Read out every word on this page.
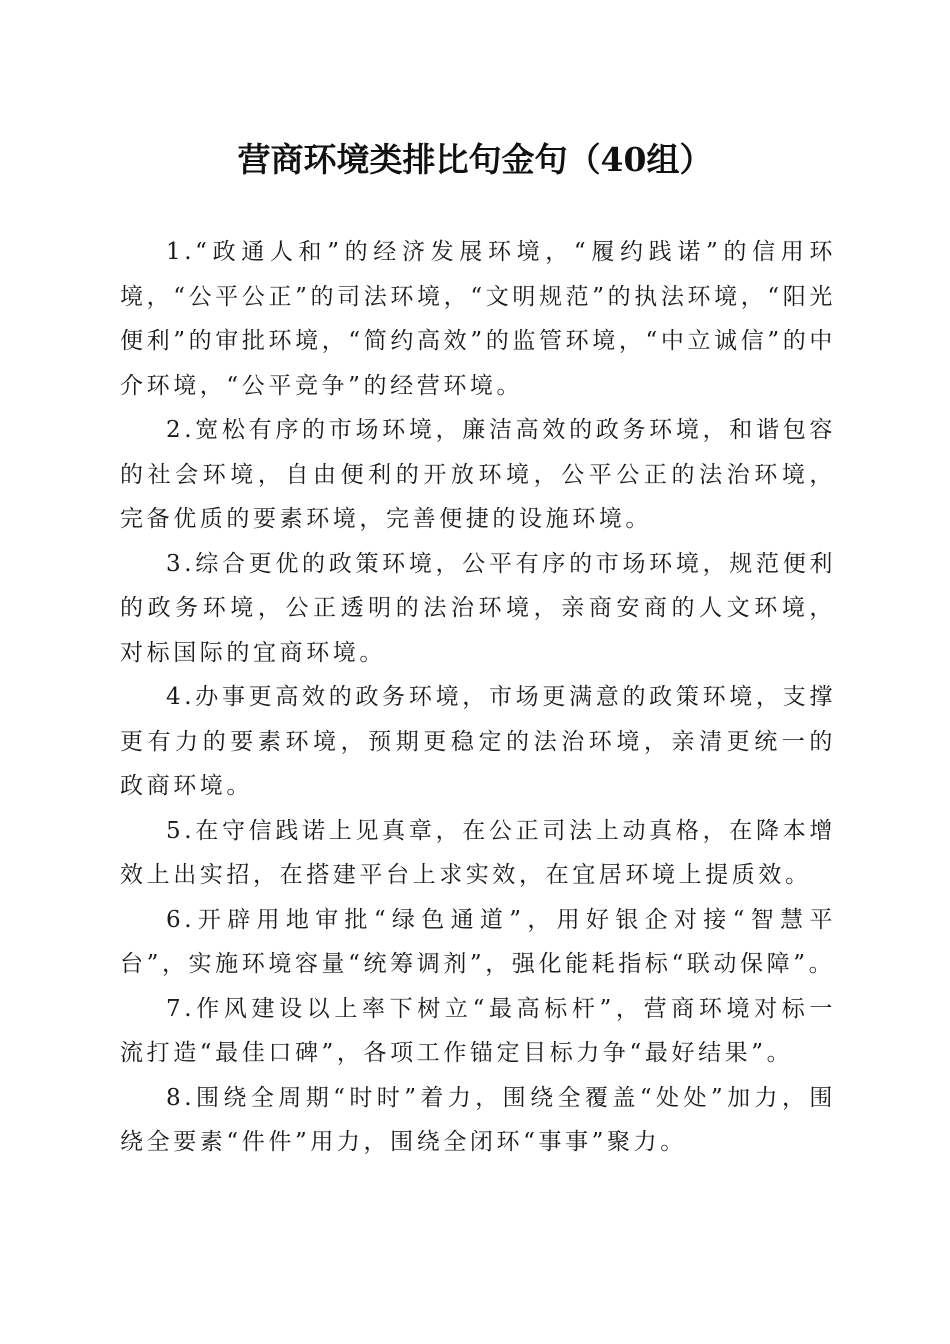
营商环境类排比句金句（40组）

1.“政通人和”的经济发展环境，“履约践诺”的信用环境，“公平公正”的司法环境，“文明规范”的执法环境，“阳光便利”的审批环境，“简约高效”的监管环境，“中立诚信”的中介环境，“公平竞争”的经营环境。

2.宽松有序的市场环境，廉洁高效的政务环境，和谐包容的社会环境，自由便利的开放环境，公平公正的法治环境，完备优质的要素环境，完善便捷的设施环境。

3.综合更优的政策环境，公平有序的市场环境，规范便利的政务环境，公正透明的法治环境，亲商安商的人文环境，对标国际的宜商环境。

4.办事更高效的政务环境，市场更满意的政策环境，支撑更有力的要素环境，预期更稳定的法治环境，亲清更统一的政商环境。

5.在守信践诺上见真章，在公正司法上动真格，在降本增效上出实招，在搭建平台上求实效，在宜居环境上提质效。

6.开辟用地审批“绿色通道”，用好银企对接“智慧平台”，实施环境容量“统筹调剂”，强化能耗指标“联动保障”。

7.作风建设以上率下树立“最高标杆”，营商环境对标一流打造“最佳口碑”，各项工作锚定目标力争“最好结果”。

8.围绕全周期“时时”着力，围绕全覆盖“处处”加力，围绕全要素“件件”用力，围绕全闭环“事事”聚力。
